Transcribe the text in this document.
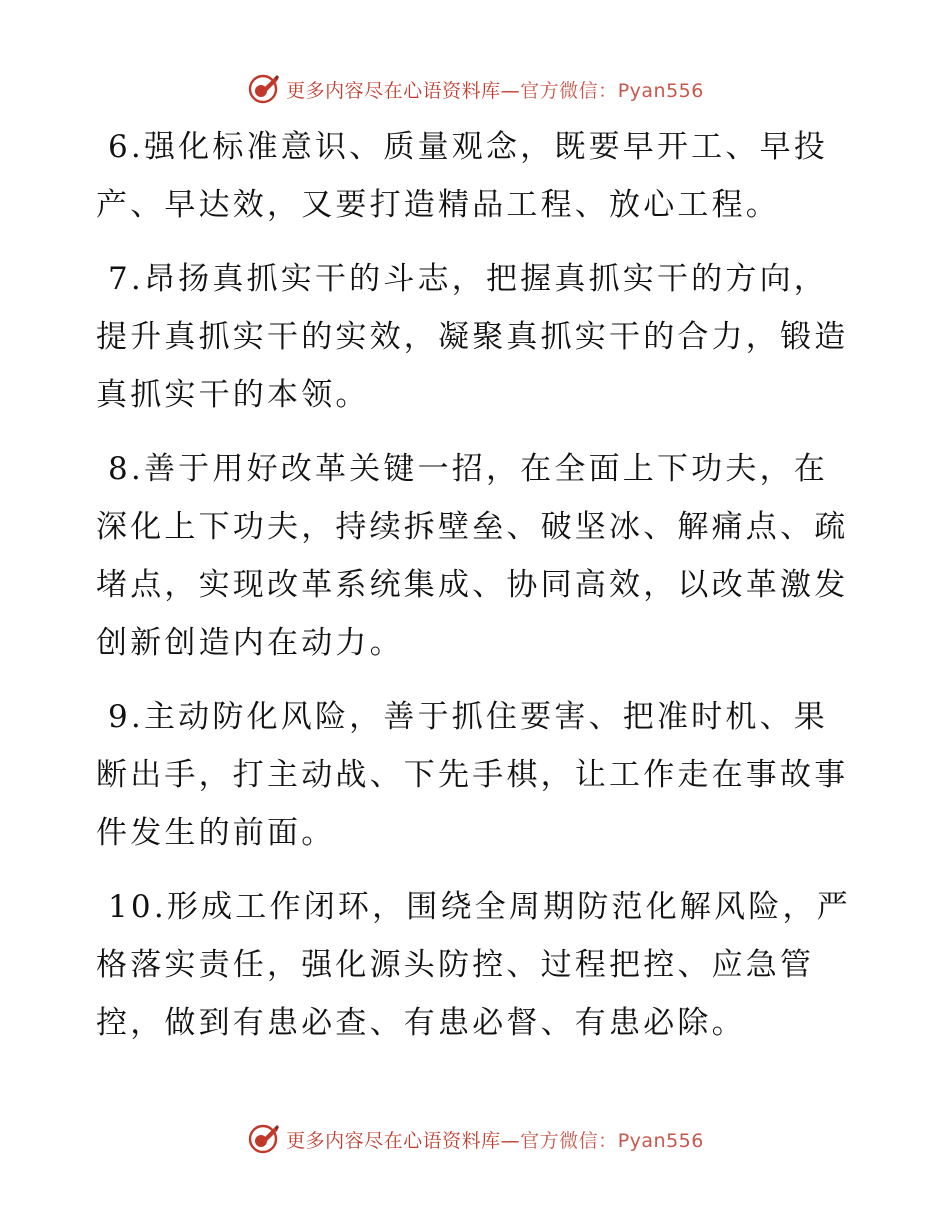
更多内容尽在心语资料库—官方微信：Pyan556

6.强化标准意识、质量观念，既要早开工、早投产、早达效，又要打造精品工程、放心工程。

7.昂扬真抓实干的斗志，把握真抓实干的方向，提升真抓实干的实效，凝聚真抓实干的合力，锻造真抓实干的本领。

8.善于用好改革关键一招，在全面上下功夫，在深化上下功夫，持续拆壁垒、破坚冰、解痛点、疏堵点，实现改革系统集成、协同高效，以改革激发创新创造内在动力。

9.主动防化风险，善于抓住要害、把准时机、果断出手，打主动战、下先手棋，让工作走在事故事件发生的前面。

10.形成工作闭环，围绕全周期防范化解风险，严格落实责任，强化源头防控、过程把控、应急管控，做到有患必查、有患必督、有患必除。

更多内容尽在心语资料库—官方微信：Pyan556
